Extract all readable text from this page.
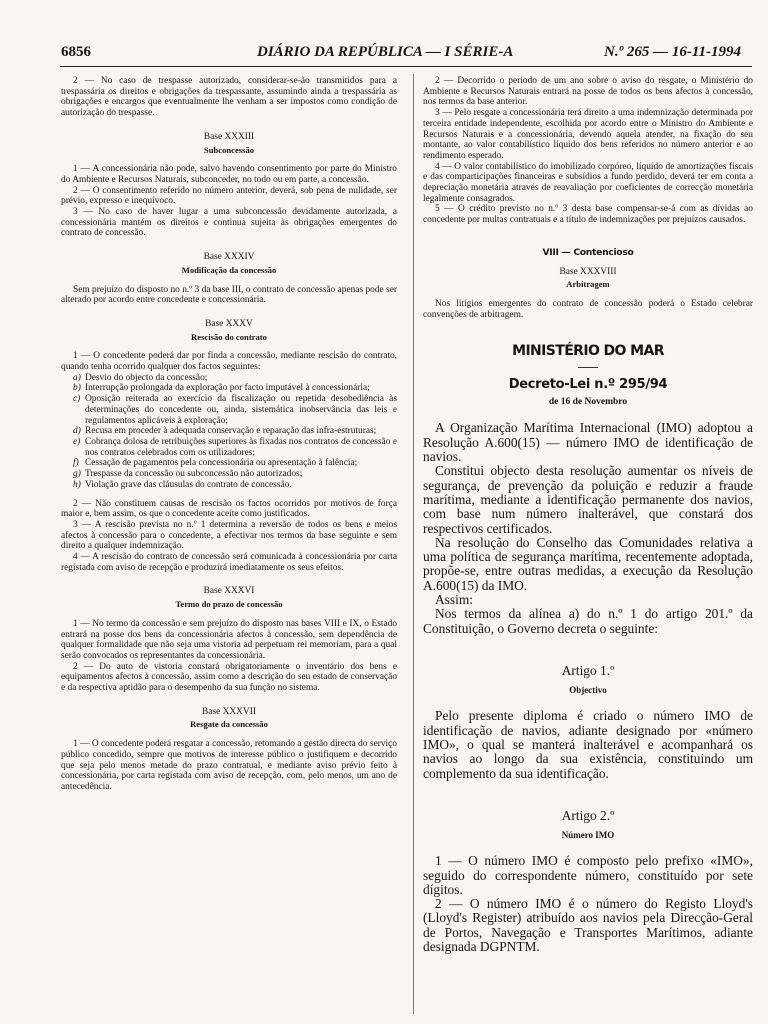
6856	DIÁRIO DA REPÚBLICA — I SÉRIE-A	N.º 265 — 16-11-1994

2 — No caso de trespasse autorizado, considerar-se-ão transmitidos para a trespassária os direitos e obrigações da trespassante, assumindo ainda a trespassária as obrigações e encargos que eventualmente lhe venham a ser impostos como condição de autorização do trespasse.

Base XXXIII
Subconcessão

1 — A concessionária não pode, salvo havendo consentimento por parte do Ministro do Ambiente e Recursos Naturais, subconceder, no todo ou em parte, a concessão.

2 — O consentimento referido no número anterior, deverá, sob pena de nulidade, ser prévio, expresso e inequívoco.

3 — No caso de haver lugar a uma subconcessão devidamente autorizada, a concessionária mantém os direitos e continua sujeita às obrigações emergentes do contrato de concessão.

Base XXXIV
Modificação da concessão

Sem prejuízo do disposto no n.º 3 da base III, o contrato de concessão apenas pode ser alterado por acordo entre concedente e concessionária.

Base XXXV
Rescisão do contrato

1 — O concedente poderá dar por finda a concessão, mediante rescisão do contrato, quando tenha ocorrido qualquer dos factos seguintes:

a) Desvio do objecto da concessão;
b) Interrupção prolongada da exploração por facto imputável à concessionária;
c) Oposição reiterada ao exercício da fiscalização ou repetida desobediência às determinações do concedente ou, ainda, sistemática inobservância das leis e regulamentos aplicáveis à exploração;
d) Recusa em proceder à adequada conservação e reparação das infra-estruturas;
e) Cobrança dolosa de retribuições superiores às fixadas nos contratos de concessão e nos contratos celebrados com os utilizadores;
f) Cessação de pagamentos pela concessionária ou apresentação à falência;
g) Trespasse da concessão ou subconcessão não autorizados;
h) Violação grave das cláusulas do contrato de concessão.

2 — Não constituem causas de rescisão os factos ocorridos por motivos de força maior e, bem assim, os que o concedente aceite como justificados.

3 — A rescisão prevista no n.º 1 determina a reversão de todos os bens e meios afectos à concessão para o concedente, a efectivar nos termos da base seguinte e sem direito a qualquer indemnização.

4 — A rescisão do contrato de concessão será comunicada à concessionária por carta registada com aviso de recepção e produzirá imediatamente os seus efeitos.

Base XXXVI
Termo do prazo de concessão

1 — No termo da concessão e sem prejuízo do disposto nas bases VIII e IX, o Estado entrará na posse dos bens da concessionária afectos à concessão, sem dependência de qualquer formalidade que não seja uma vistoria ad perpetuam rei memoriam, para a qual serão convocados os representantes da concessionária.

2 — Do auto de vistoria constará obrigatoriamente o inventário dos bens e equipamentos afectos à concessão, assim como a descrição do seu estado de conservação e da respectiva aptidão para o desempenho da sua função no sistema.

Base XXXVII
Resgate da concessão

1 — O concedente poderá resgatar a concessão, retomando a gestão directa do serviço público concedido, sempre que motivos de interesse público o justifiquem e decorrido que seja pelo menos metade do prazo contratual, e mediante aviso prévio feito à concessionária, por carta registada com aviso de recepção, com, pelo menos, um ano de antecedência.

2 — Decorrido o período de um ano sobre o aviso do resgate, o Ministério do Ambiente e Recursos Naturais entrará na posse de todos os bens afectos à concessão, nos termos da base anterior.

3 — Pelo resgate a concessionária terá direito a uma indemnização determinada por terceira entidade independente, escolhida por acordo entre o Ministro do Ambiente e Recursos Naturais e a concessionária, devendo aquela atender, na fixação do seu montante, ao valor contabilístico líquido dos bens referidos no número anterior e ao rendimento esperado.

4 — O valor contabilístico do imobilizado corpóreo, líquido de amortizações fiscais e das comparticipações financeiras e subsídios a fundo perdido, deverá ter em conta a depreciação monetária através de reavaliação por coeficientes de correcção monetária legalmente consagrados.

5 — O crédito previsto no n.º 3 desta base compensar-se-á com as dívidas ao concedente por multas contratuais e a título de indemnizações por prejuízos causados.

VIII — Contencioso
Base XXXVIII
Arbitragem

Nos litígios emergentes do contrato de concessão poderá o Estado celebrar convenções de arbitragem.

MINISTÉRIO DO MAR
Decreto-Lei n.º 295/94
de 16 de Novembro

A Organização Marítima Internacional (IMO) adoptou a Resolução A.600(15) — número IMO de identificação de navios.

Constitui objecto desta resolução aumentar os níveis de segurança, de prevenção da poluição e reduzir a fraude marítima, mediante a identificação permanente dos navios, com base num número inalterável, que constará dos respectivos certificados.

Na resolução do Conselho das Comunidades relativa a uma política de segurança marítima, recentemente adoptada, propõe-se, entre outras medidas, a execução da Resolução A.600(15) da IMO.

Assim:

Nos termos da alínea a) do n.º 1 do artigo 201.º da Constituição, o Governo decreta o seguinte:

Artigo 1.º
Objectivo

Pelo presente diploma é criado o número IMO de identificação de navios, adiante designado por «número IMO», o qual se manterá inalterável e acompanhará os navios ao longo da sua existência, constituindo um complemento da sua identificação.

Artigo 2.º
Número IMO

1 — O número IMO é composto pelo prefixo «IMO», seguido do correspondente número, constituído por sete dígitos.

2 — O número IMO é o número do Registo Lloyd's (Lloyd's Register) atribuído aos navios pela Direcção-Geral de Portos, Navegação e Transportes Marítimos, adiante designada DGPNTM.
